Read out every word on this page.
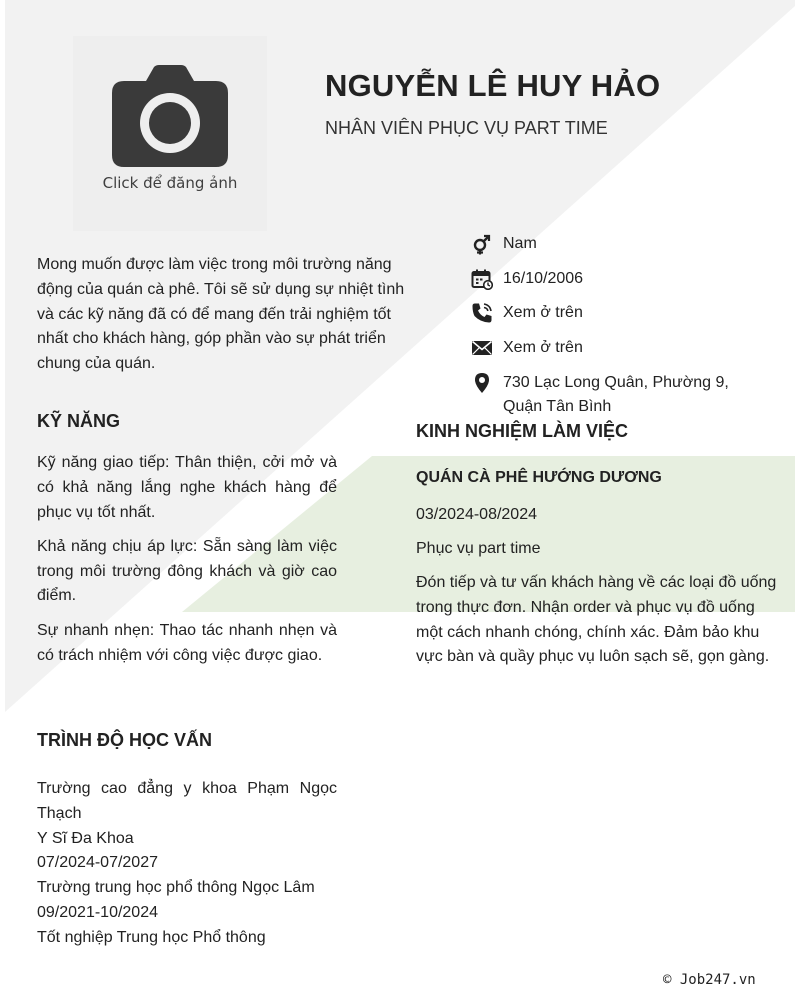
Click để đăng ảnh
NGUYỄN LÊ HUY HẢO
NHÂN VIÊN PHỤC VỤ PART TIME
Mong muốn được làm việc trong môi trường năng động của quán cà phê. Tôi sẽ sử dụng sự nhiệt tình và các kỹ năng đã có để mang đến trải nghiệm tốt nhất cho khách hàng, góp phần vào sự phát triển chung của quán.
Nam
16/10/2006
Xem ở trên
Xem ở trên
730 Lạc Long Quân, Phường 9, Quận Tân Bình
KỸ NĂNG
Kỹ năng giao tiếp: Thân thiện, cởi mở và có khả năng lắng nghe khách hàng để phục vụ tốt nhất.
Khả năng chịu áp lực: Sẵn sàng làm việc trong môi trường đông khách và giờ cao điểm.
Sự nhanh nhẹn: Thao tác nhanh nhẹn và có trách nhiệm với công việc được giao.
TRÌNH ĐỘ HỌC VẤN
Trường cao đẳng y khoa Phạm Ngọc Thạch
Y Sĩ Đa Khoa
07/2024-07/2027
Trường trung học phổ thông Ngọc Lâm
09/2021-10/2024
Tốt nghiệp Trung học Phổ thông
KINH NGHIỆM LÀM VIỆC
QUÁN CÀ PHÊ HƯỚNG DƯƠNG
03/2024-08/2024
Phục vụ part time
Đón tiếp và tư vấn khách hàng về các loại đồ uống trong thực đơn. Nhận order và phục vụ đồ uống một cách nhanh chóng, chính xác. Đảm bảo khu vực bàn và quầy phục vụ luôn sạch sẽ, gọn gàng.
© Job247.vn
